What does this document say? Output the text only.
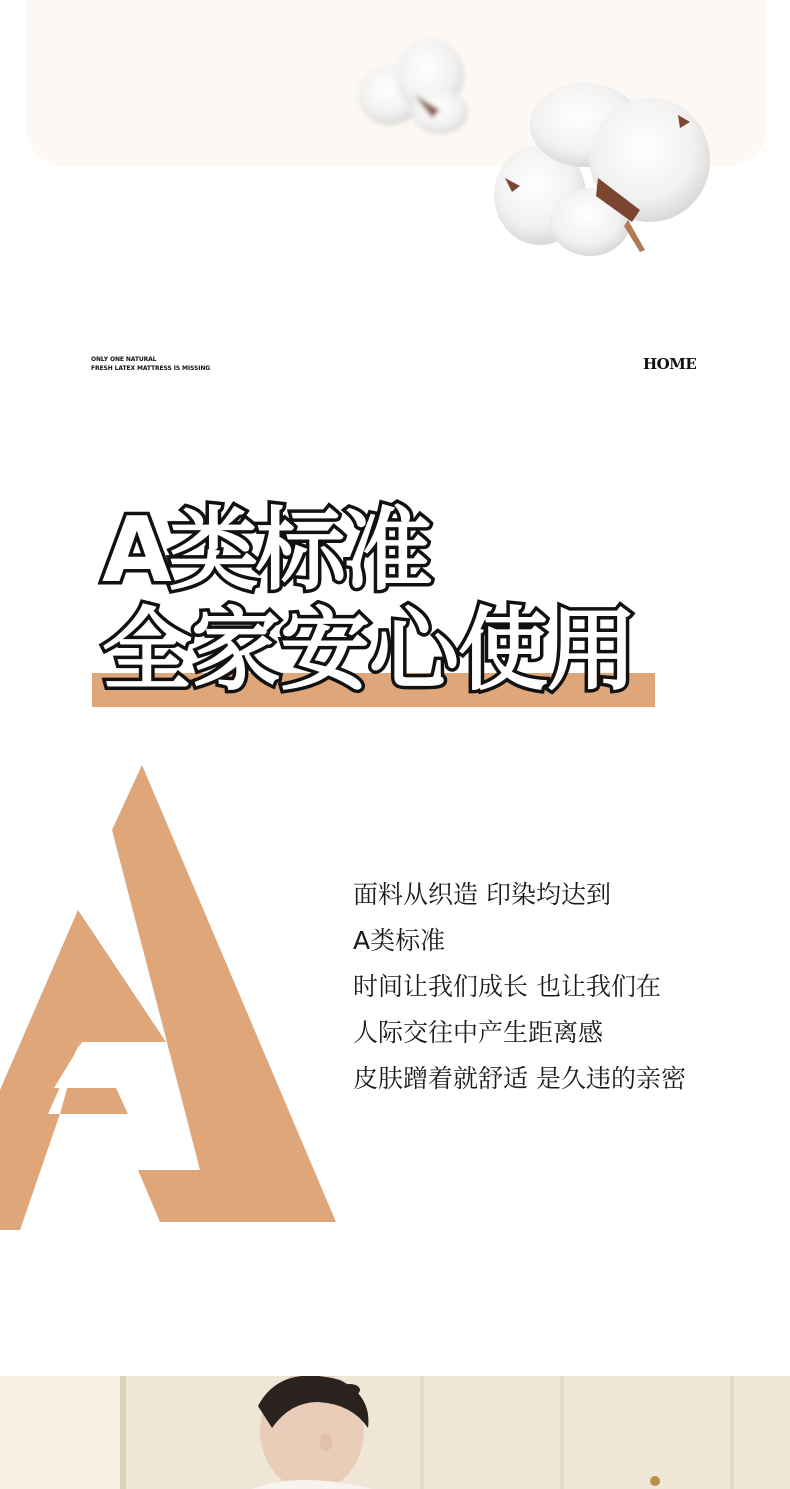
ONLY ONE NATURAL
FRESH LATEX MATTRESS IS MISSING	HOME
A类标准
全家安心使用
面料从织造 印染均达到
A类标准
时间让我们成长 也让我们在
人际交往中产生距离感
皮肤蹭着就舒适 是久违的亲密
